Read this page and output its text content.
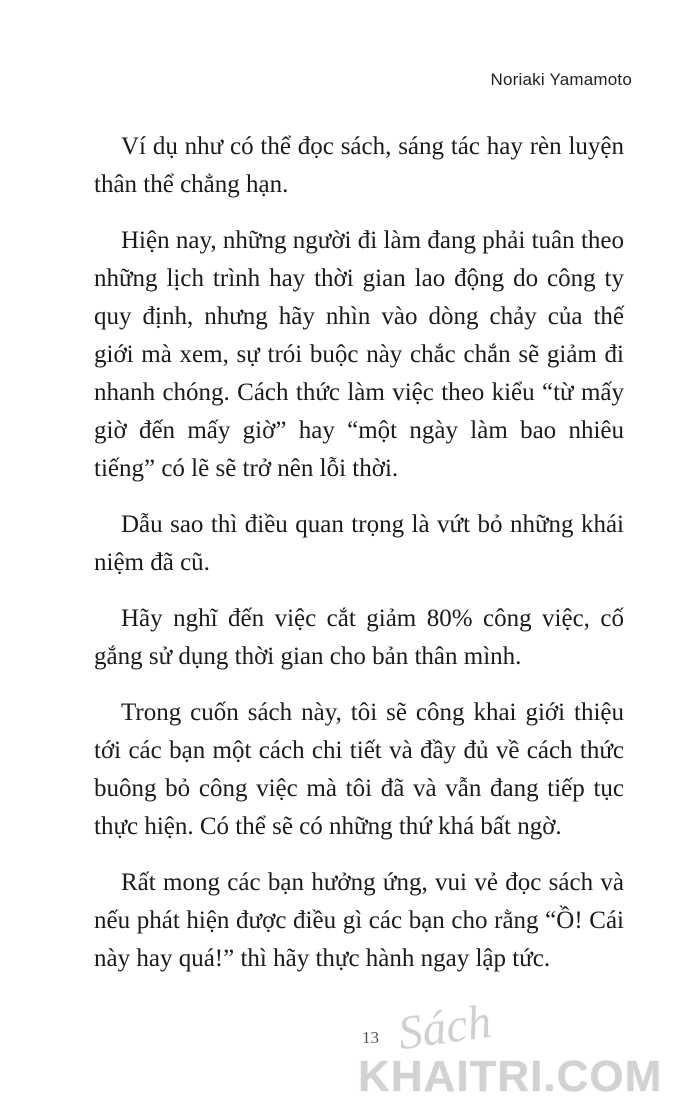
Noriaki Yamamoto

Ví dụ như có thể đọc sách, sáng tác hay rèn luyện thân thể chẳng hạn.

Hiện nay, những người đi làm đang phải tuân theo những lịch trình hay thời gian lao động do công ty quy định, nhưng hãy nhìn vào dòng chảy của thế giới mà xem, sự trói buộc này chắc chắn sẽ giảm đi nhanh chóng. Cách thức làm việc theo kiểu “từ mấy giờ đến mấy giờ” hay “một ngày làm bao nhiêu tiếng” có lẽ sẽ trở nên lỗi thời.

Dẫu sao thì điều quan trọng là vứt bỏ những khái niệm đã cũ.

Hãy nghĩ đến việc cắt giảm 80% công việc, cố gắng sử dụng thời gian cho bản thân mình.

Trong cuốn sách này, tôi sẽ công khai giới thiệu tới các bạn một cách chi tiết và đầy đủ về cách thức buông bỏ công việc mà tôi đã và vẫn đang tiếp tục thực hiện. Có thể sẽ có những thứ khá bất ngờ.

Rất mong các bạn hưởng ứng, vui vẻ đọc sách và nếu phát hiện được điều gì các bạn cho rằng “Ồ! Cái này hay quá!” thì hãy thực hành ngay lập tức.

13 Sách
KHAITRI.COM
